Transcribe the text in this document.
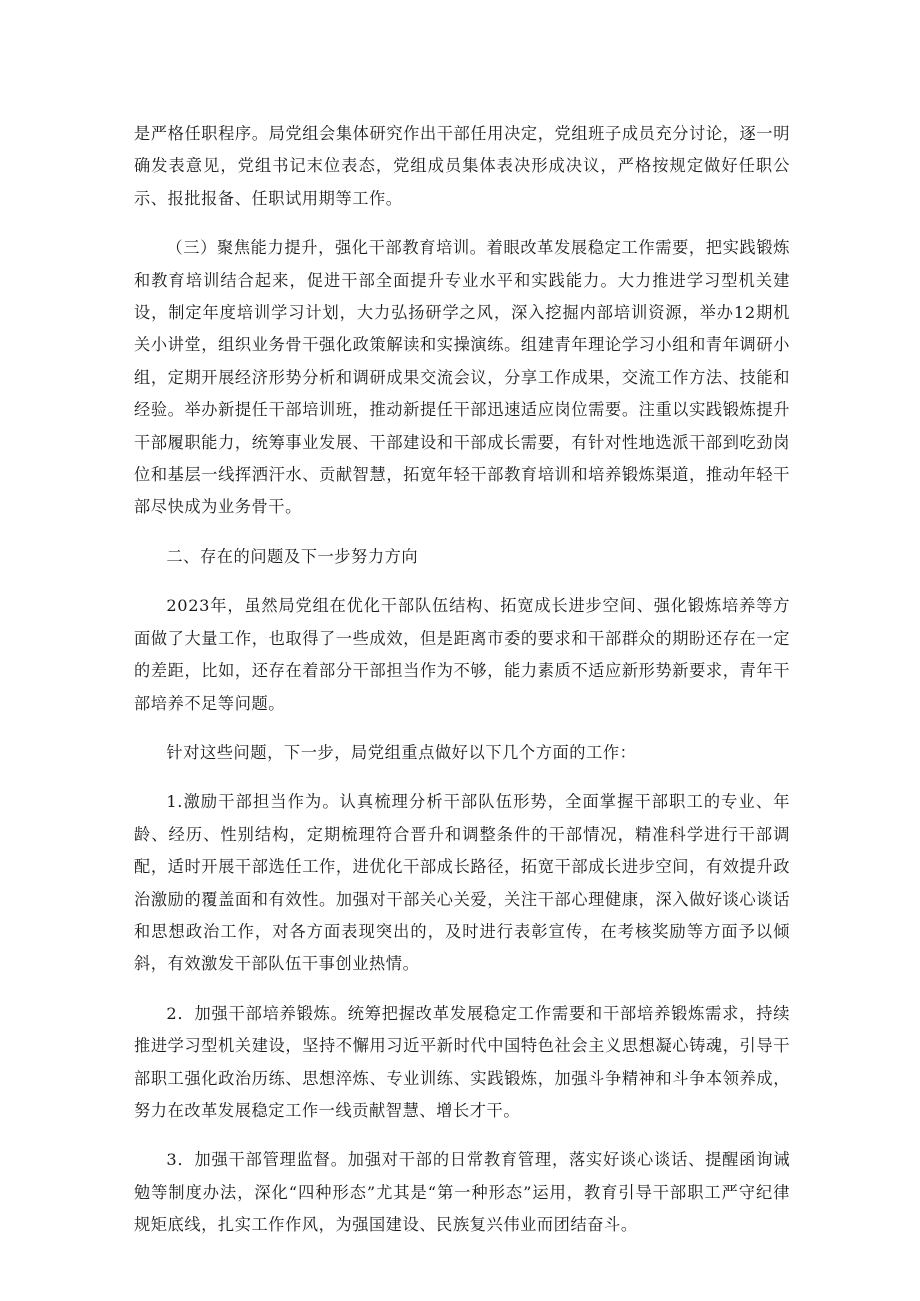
是严格任职程序。局党组会集体研究作出干部任用决定，党组班子成员充分讨论，逐一明确发表意见，党组书记末位表态，党组成员集体表决形成决议，严格按规定做好任职公示、报批报备、任职试用期等工作。

（三）聚焦能力提升，强化干部教育培训。着眼改革发展稳定工作需要，把实践锻炼和教育培训结合起来，促进干部全面提升专业水平和实践能力。大力推进学习型机关建设，制定年度培训学习计划，大力弘扬研学之风，深入挖掘内部培训资源，举办12期机关小讲堂，组织业务骨干强化政策解读和实操演练。组建青年理论学习小组和青年调研小组，定期开展经济形势分析和调研成果交流会议，分享工作成果，交流工作方法、技能和经验。举办新提任干部培训班，推动新提任干部迅速适应岗位需要。注重以实践锻炼提升干部履职能力，统筹事业发展、干部建设和干部成长需要，有针对性地选派干部到吃劲岗位和基层一线挥洒汗水、贡献智慧，拓宽年轻干部教育培训和培养锻炼渠道，推动年轻干部尽快成为业务骨干。

二、存在的问题及下一步努力方向

2023年，虽然局党组在优化干部队伍结构、拓宽成长进步空间、强化锻炼培养等方面做了大量工作，也取得了一些成效，但是距离市委的要求和干部群众的期盼还存在一定的差距，比如，还存在着部分干部担当作为不够，能力素质不适应新形势新要求，青年干部培养不足等问题。

针对这些问题，下一步，局党组重点做好以下几个方面的工作：

1.激励干部担当作为。认真梳理分析干部队伍形势，全面掌握干部职工的专业、年龄、经历、性别结构，定期梳理符合晋升和调整条件的干部情况，精准科学进行干部调配，适时开展干部选任工作，进优化干部成长路径，拓宽干部成长进步空间，有效提升政治激励的覆盖面和有效性。加强对干部关心关爱，关注干部心理健康，深入做好谈心谈话和思想政治工作，对各方面表现突出的，及时进行表彰宣传，在考核奖励等方面予以倾斜，有效激发干部队伍干事创业热情。

2．加强干部培养锻炼。统筹把握改革发展稳定工作需要和干部培养锻炼需求，持续推进学习型机关建设，坚持不懈用习近平新时代中国特色社会主义思想凝心铸魂，引导干部职工强化政治历练、思想淬炼、专业训练、实践锻炼，加强斗争精神和斗争本领养成，努力在改革发展稳定工作一线贡献智慧、增长才干。

3．加强干部管理监督。加强对干部的日常教育管理，落实好谈心谈话、提醒函询诫勉等制度办法，深化“四种形态”尤其是“第一种形态”运用，教育引导干部职工严守纪律规矩底线，扎实工作作风，为强国建设、民族复兴伟业而团结奋斗。
